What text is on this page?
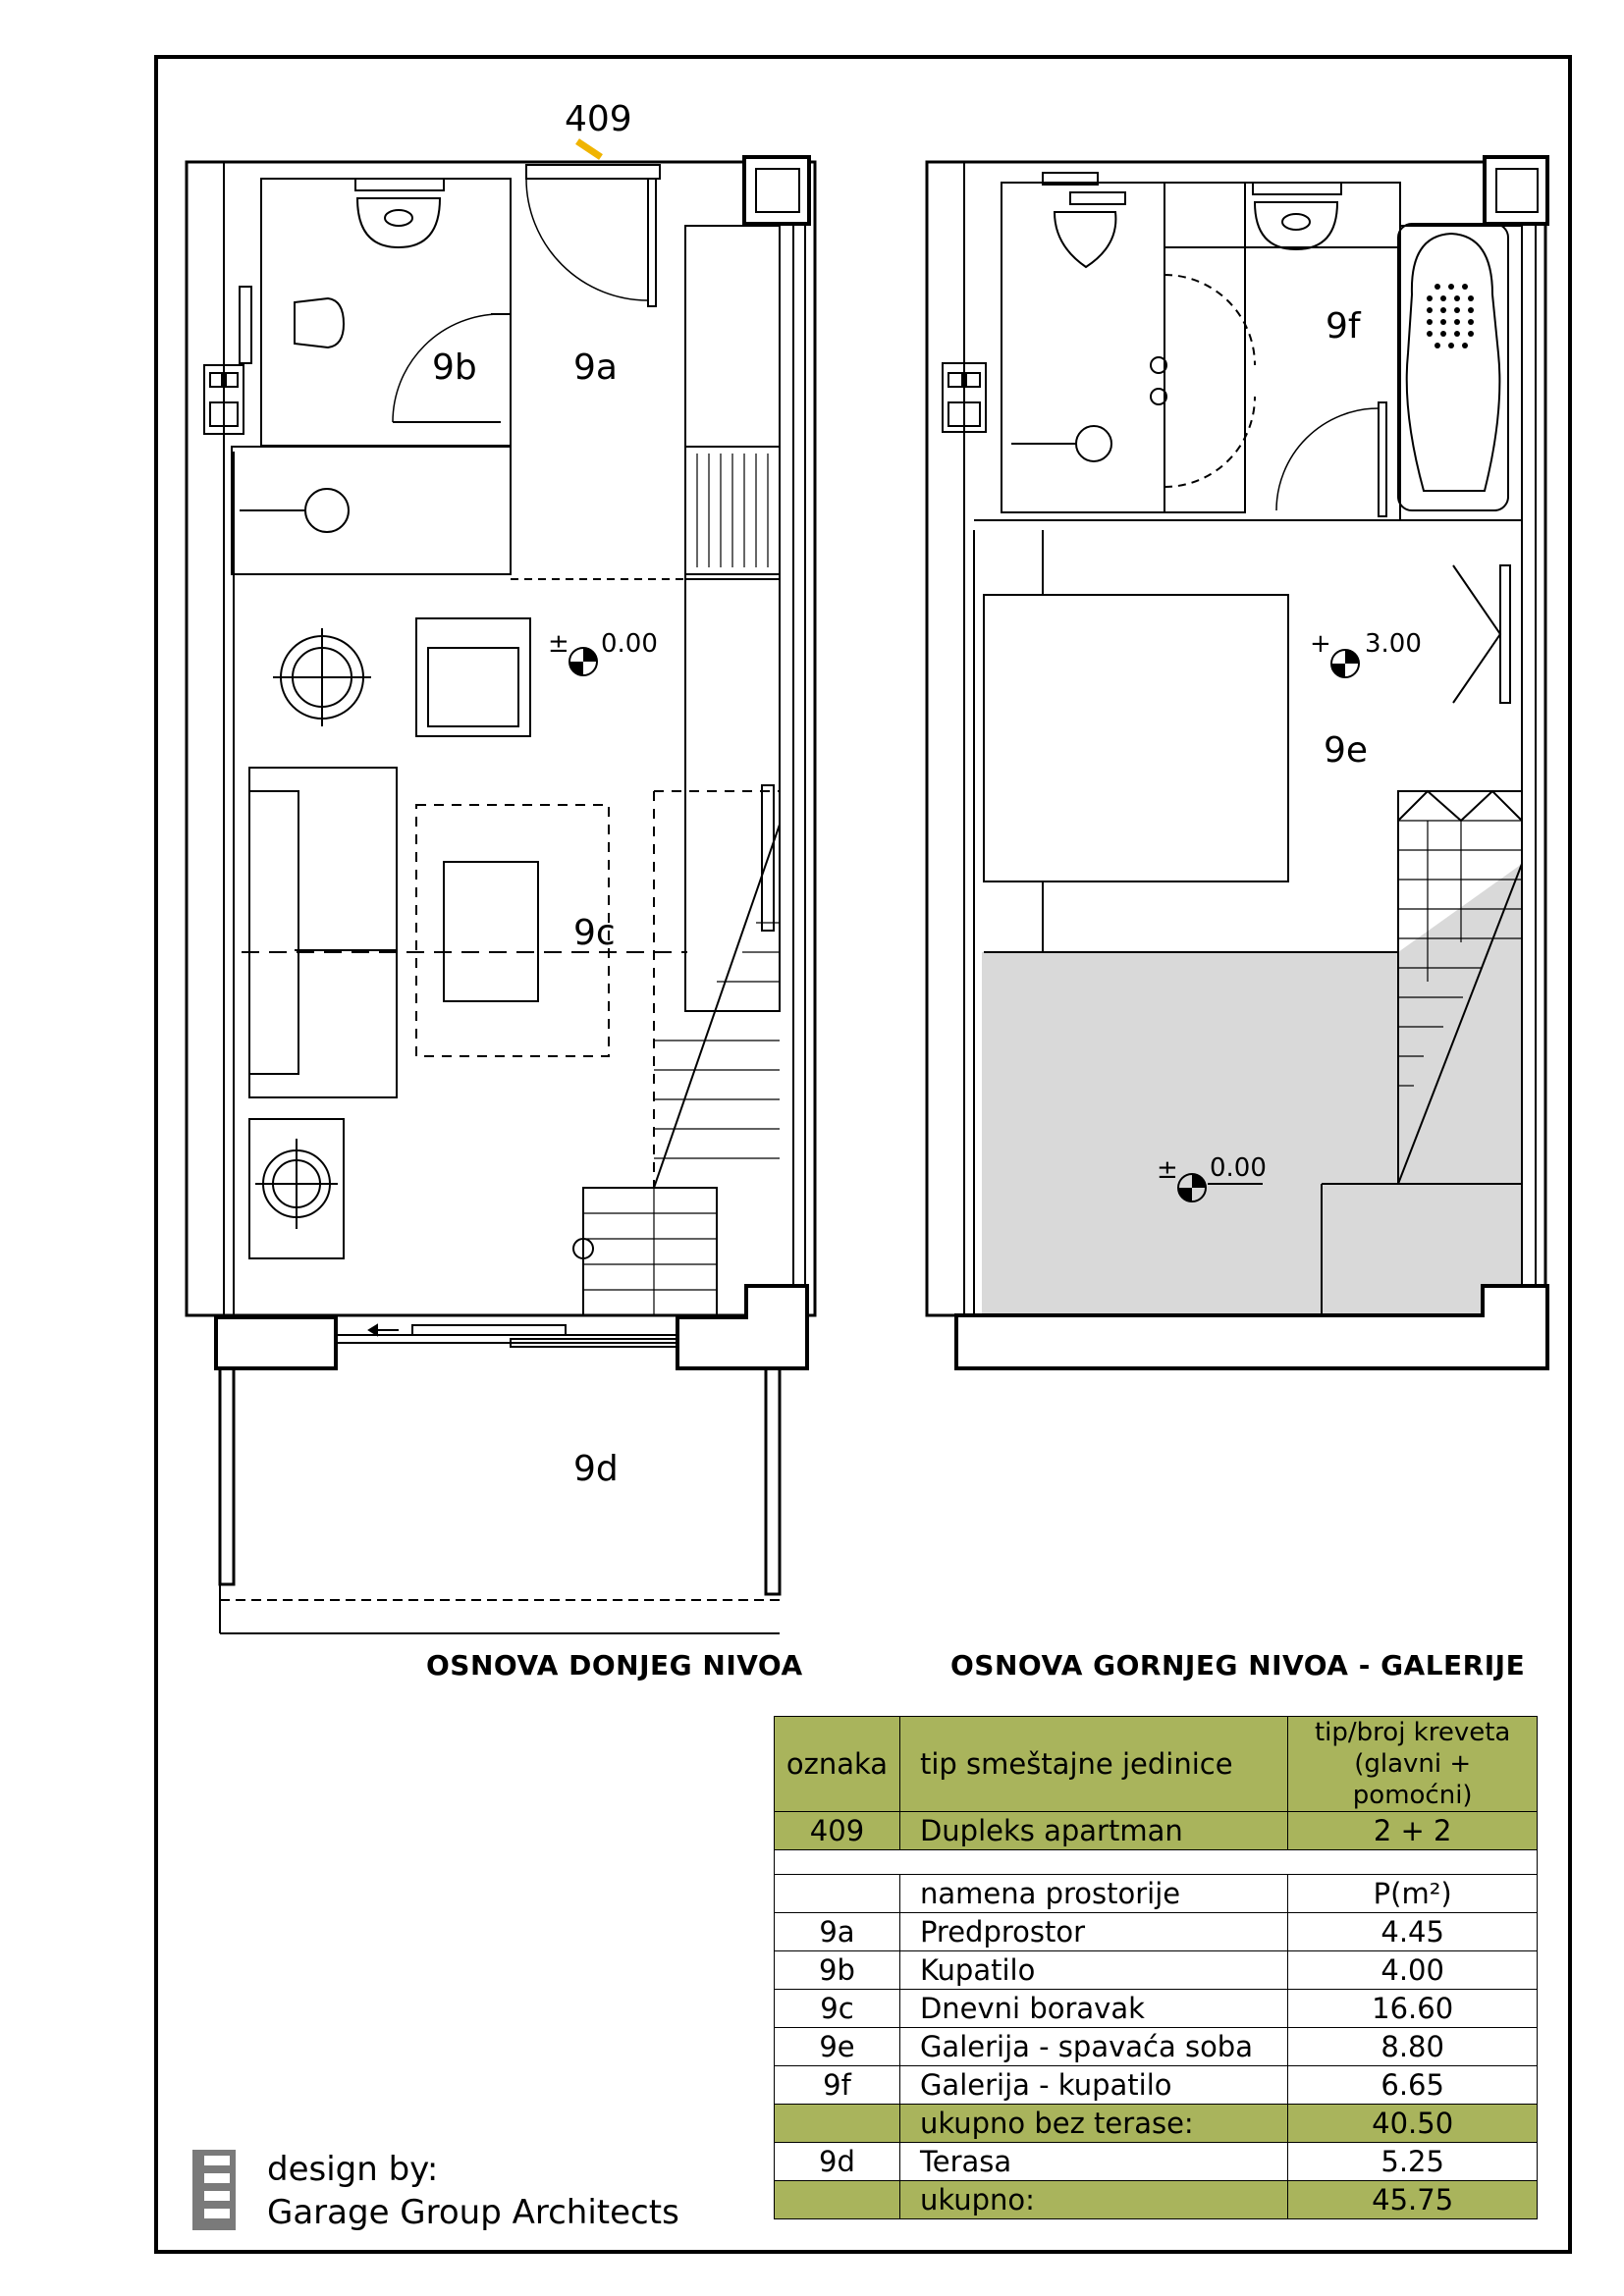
409
9b	9a
9c
9d
± 0.00
9f
9e
+ 3.00
± 0.00
OSNOVA DONJEG NIVOA	OSNOVA GORNJEG NIVOA - GALERIJE
oznaka	tip smeštajne jedinice	tip/broj kreveta
(glavni + pomoćni)

409	Dupleks apartman	2 + 2

	namena prostorije	P(m²)
9a	Predprostor	4.45
9b	Kupatilo	4.00
9c	Dnevni boravak	16.60
9e	Galerija - spavaća soba	8.80
9f	Galerija - kupatilo	6.65
	ukupno bez terase:	40.50
9d	Terasa	5.25
	ukupno:	45.75
design by:
Garage Group Architects
